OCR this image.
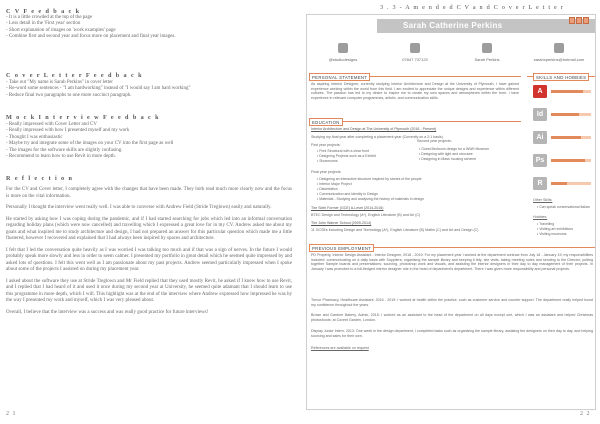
C V F e e d b a c k
- It is a little crowded at the top of the page
- Less detail in the 'First year' section
- Short explanation of images on 'work examples' page
- Combine first and second year and focus more on placement and final year images.
C o v e r L e t t e r F e e d b a c k
- Take out "My name is Sarah Perkins" in cover letter
- Re-word some sentences - "I am hardworking" instead of "I would say I am hard working"
- Reduce final two paragraphs to one more succinct paragraph.
M o c k I n t e r v i e w F e e d b a c k
- Really impressed with Cover Letter and CV
- Really impressed with how I presented myself and my work
- Thought I was enthusiastic
- Maybe try and integrate some of the images on your CV into the first page as well
- The images for the software skills are slightly confusing.
- Recommend to learn how to use Revit in more depth.
R e f l e c t i o n

For the CV and Cover letter, I completely agree with the changes that have been made. They both read much more clearly now and the focus is more on the vital information.

Personally I thought the interview went really well. I was able to converse with Andrew Field (Stride Treglown) easily and naturally.

He started by asking how I was coping during the pandemic, and if I had started searching for jobs which led into an informal conversation regarding holiday plans (which were now cancelled) and travelling which I expressed a great love for in my CV. Andrew asked me about my goals and what inspired me to study architecture and design, I had not prepared an answer for this particular question which made me a little flustered, however I recovered and explained that I had always been inspired by spaces and architecture.

I felt that I led the conversation quite heavily as I was worried I was talking too much and if that was a sign of nerves. In the future I would probably speak more slowly and less in order to seem calmer. I presented my portfolio in great detail which he seemed quite impressed by and asked lots of questions. I felt this went well as I am passionate about my past projects. Andrew seemed particularly impressed when I spoke about some of the projects I assisted on during my placement year.

I asked about the software they use at Stride Treglown and Mr Field replied that they used mostly Revit, he asked if I knew how to use Revit, and I replied that I had heard of it and used it once during my second year at University, he seemed quite adamant that I should learn to use this programme in more depth, which I will. This highlight was at the end of the interview where Andrew expressed how impressed he was by the way I presented my work and myself, which I was very pleased about.

Overall, I believe that the interview was a success and was really good practice for future interviews!

2 1
3 . 3 - A m e n d e d C V a n d C o v e r L e t t e r
Sarah Catherine Perkins
@studiodesigns	07847 737123	Sarah Perkins	sarahcperkins@hotmail.com
PERSONAL STATEMENT
As aspiring Interior Designer, currently studying Interior Architecture and Design at the University of Plymouth, I have gained experience working within the world from this field. I am excited to appreciate the unique designs and experience within different cultures. The passion has led to my desire to inspire me to create my own spaces and atmospheres within the form. I have experience in relevant computer programmes, artistic, and communication skills.
EDUCATION
Interior Architecture and Design at The University of Plymouth (2016 - Present)
Studying my final year after completing a placement year (Currently on a 2:1 basis)
First year projects:
Second year projects:
• Pont Structural with a clear front
• Designing Projects such as a Exhibit
• Showrooms
• Guest Bedroom design for a WWII Museum
• Designing with light and structure
• Designing in Mass housing scheme
Final year projects:
• Designing an interactive structure inspired by stories of the people
• Interior Major Project
• Dissertation
• Communication and identity in Design
• Materials - Studying and analysing the history of materials in design
The Sixth Former (GCE) A-Level (2014-2016)
BTEC Design and Technology (A*), English Literature (B) and Art (C)
The John Warner School (2009-2014)
11 GCSEs including Design and Technology (A*), English Literature (B) Maths (C) and Art and Design (C)
PREVIOUS EMPLOYMENT
PD Property, Interior Design Assistant - Interior Designer, 2018 - 2019: For my placement year I worked at the department contract from July 18 - January 19; my responsibilities included: communicating on a daily basis with Suppliers; organising the sample library and keeping it tidy; site visits, taking meeting notes and sending to the Director; putting together Sample boards and presentations; sourcing, photoshop work and visuals, and assisting the interior designers in their day to day management of their projects. In January I was promoted to a full-fledged interior designer role in the head of department's department. There I was given more responsibility and personal projects.
Trevor Pharmacy, Healthcare Assistant, 2016 - 2019: I worked at health within the practice, such as customer service and counter support. The department really helped boost my confidence throughout the years.
Brown and Gardner Bakery, Admin, 2015: I worked as an assistant to the head of the department on all days except one, which I was an assistant and helped Christmas photoshoots; at Covent Garden, London.
Display Junior Intern, 2013: One week in the design department, I completed tasks such as organising the sample library, assisting the designers on their day to day, and helping sourcing and sales for their own.
References are available on request
SKILLS AND HOBBIES
A
Id
Ai
Ps
R
Other Skills:
• Can speak conversational Italian
Hobbies:
• Travelling
• Visiting art exhibitions
• Visiting museums
2 2
